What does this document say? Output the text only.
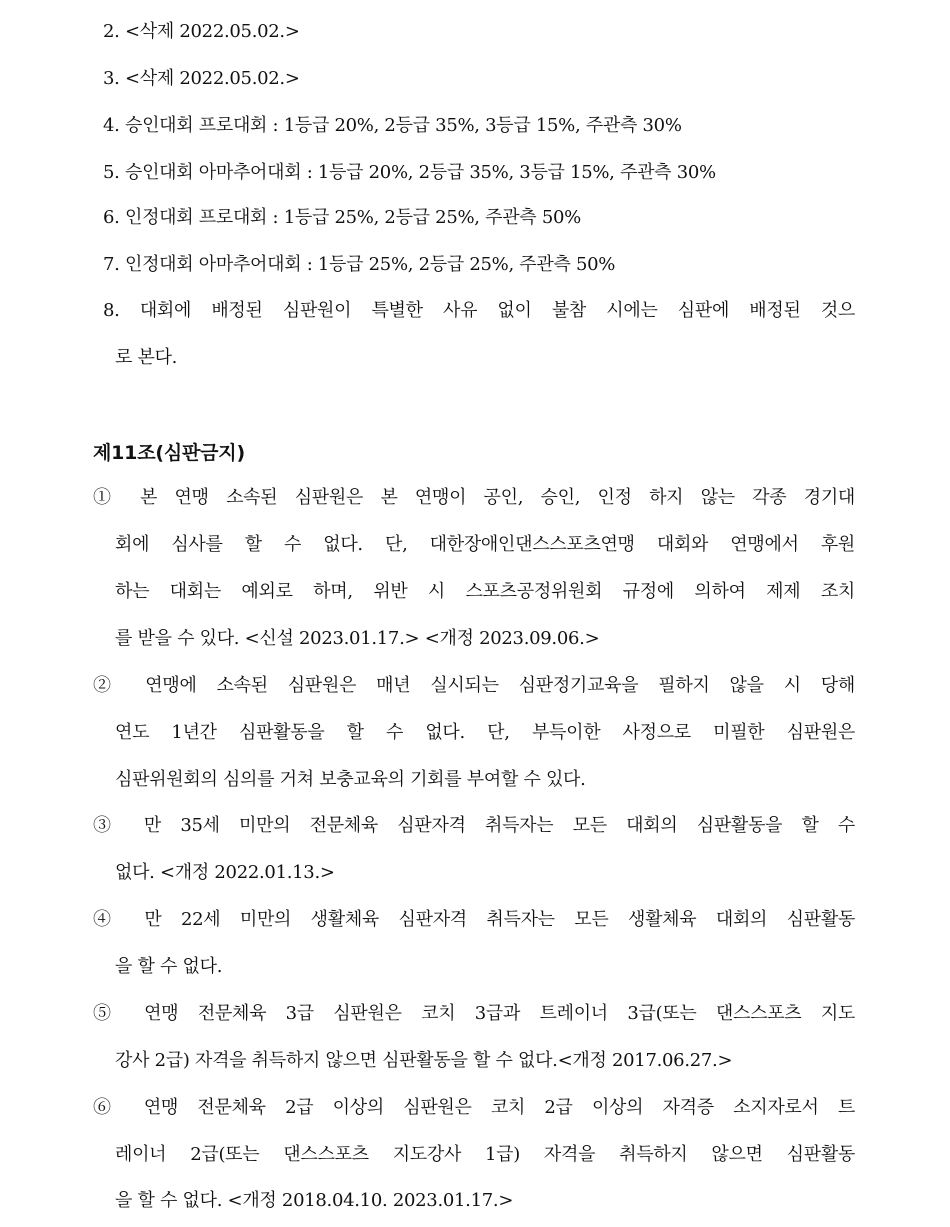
2. <삭제 2022.05.02.>
3. <삭제 2022.05.02.>
4. 승인대회 프로대회 : 1등급 20%, 2등급 35%, 3등급 15%, 주관측 30%
5. 승인대회 아마추어대회 : 1등급 20%, 2등급 35%, 3등급 15%, 주관측 30%
6. 인정대회 프로대회 : 1등급 25%, 2등급 25%, 주관측 50%
7. 인정대회 아마추어대회 : 1등급 25%, 2등급 25%, 주관측 50%
8. 대회에 배정된 심판원이 특별한 사유 없이 불참 시에는 심판에 배정된 것으
로 본다.
제11조(심판금지)
① 본 연맹 소속된 심판원은 본 연맹이 공인, 승인, 인정 하지 않는 각종 경기대
회에 심사를 할 수 없다. 단, 대한장애인댄스스포츠연맹 대회와 연맹에서 후원
하는 대회는 예외로 하며, 위반 시 스포츠공정위원회 규정에 의하여 제제 조치
를 받을 수 있다. <신설 2023.01.17.> <개정 2023.09.06.>
② 연맹에 소속된 심판원은 매년 실시되는 심판정기교육을 필하지 않을 시 당해
연도 1년간 심판활동을 할 수 없다. 단, 부득이한 사정으로 미필한 심판원은
심판위원회의 심의를 거쳐 보충교육의 기회를 부여할 수 있다.
③ 만 35세 미만의 전문체육 심판자격 취득자는 모든 대회의 심판활동을 할 수
없다. <개정 2022.01.13.>
④ 만 22세 미만의 생활체육 심판자격 취득자는 모든 생활체육 대회의 심판활동
을 할 수 없다.
⑤ 연맹 전문체육 3급 심판원은 코치 3급과 트레이너 3급(또는 댄스스포츠 지도
강사 2급) 자격을 취득하지 않으면 심판활동을 할 수 없다.<개정 2017.06.27.>
⑥ 연맹 전문체육 2급 이상의 심판원은 코치 2급 이상의 자격증 소지자로서 트
레이너 2급(또는 댄스스포츠 지도강사 1급) 자격을 취득하지 않으면 심판활동
을 할 수 없다. <개정 2018.04.10. 2023.01.17.>
